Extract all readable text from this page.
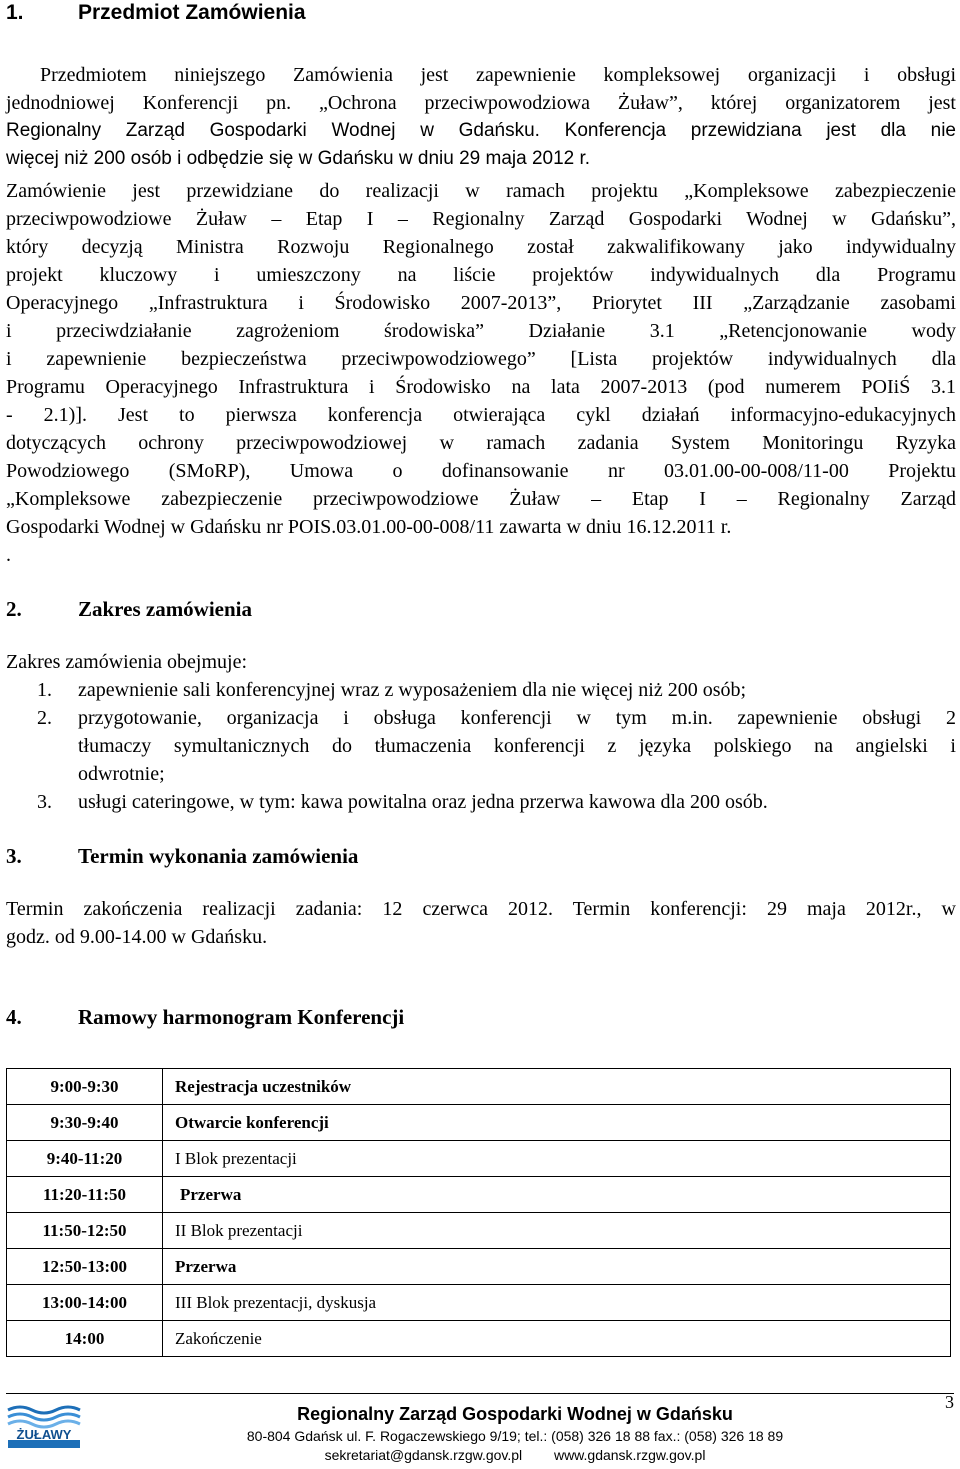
1.	Przedmiot Zamówienia
Przedmiotem niniejszego Zamówienia jest zapewnienie kompleksowej organizacji i obsługi
jednodniowej Konferencji pn. „Ochrona przeciwpowodziowa Żuław”, której organizatorem jest
Regionalny Zarząd Gospodarki Wodnej w Gdańsku. Konferencja przewidziana jest dla nie
więcej niż 200 osób i odbędzie się w Gdańsku w dniu 29 maja 2012 r.
Zamówienie jest przewidziane do realizacji w ramach projektu „Kompleksowe zabezpieczenie
przeciwpowodziowe Żuław – Etap I – Regionalny Zarząd Gospodarki Wodnej w Gdańsku”,
który decyzją Ministra Rozwoju Regionalnego został zakwalifikowany jako indywidualny
projekt kluczowy i umieszczony na liście projektów indywidualnych dla Programu
Operacyjnego „Infrastruktura i Środowisko 2007-2013”, Priorytet III „Zarządzanie zasobami
i przeciwdziałanie zagrożeniom środowiska” Działanie 3.1 „Retencjonowanie wody
i zapewnienie bezpieczeństwa przeciwpowodziowego” [Lista projektów indywidualnych dla
Programu Operacyjnego Infrastruktura i Środowisko na lata 2007-2013 (pod numerem POIiŚ 3.1
- 2.1)]. Jest to pierwsza konferencja otwierająca cykl działań informacyjno-edukacyjnych
dotyczących ochrony przeciwpowodziowej w ramach zadania System Monitoringu Ryzyka
Powodziowego (SMoRP), Umowa o dofinansowanie nr 03.01.00-00-008/11-00 Projektu
„Kompleksowe zabezpieczenie przeciwpowodziowe Żuław – Etap I – Regionalny Zarząd
Gospodarki Wodnej w Gdańsku nr POIS.03.01.00-00-008/11 zawarta w dniu 16.12.2011 r.
.
2.	Zakres zamówienia
Zakres zamówienia obejmuje:
1. zapewnienie sali konferencyjnej wraz z wyposażeniem dla nie więcej niż 200 osób;
2. przygotowanie, organizacja i obsługa konferencji w tym m.in. zapewnienie obsługi 2
tłumaczy symultanicznych do tłumaczenia konferencji z języka polskiego na angielski i
odwrotnie;
3. usługi cateringowe, w tym: kawa powitalna oraz jedna przerwa kawowa dla 200 osób.
3.	Termin wykonania zamówienia
Termin zakończenia realizacji zadania: 12 czerwca 2012. Termin konferencji: 29 maja 2012r., w
godz. od 9.00-14.00 w Gdańsku.
4.	Ramowy harmonogram Konferencji
9:00-9:30	Rejestracja uczestników
9:30-9:40	Otwarcie konferencji
9:40-11:20	I Blok prezentacji
11:20-11:50	Przerwa
11:50-12:50	II Blok prezentacji
12:50-13:00	Przerwa
13:00-14:00	III Blok prezentacji, dyskusja
14:00	Zakończenie
3
ŻUŁAWY
Regionalny Zarząd Gospodarki Wodnej w Gdańsku
80-804 Gdańsk ul. F. Rogaczewskiego 9/19; tel.: (058) 326 18 88 fax.: (058) 326 18 89
sekretariat@gdansk.rzgw.gov.pl www.gdansk.rzgw.gov.pl
